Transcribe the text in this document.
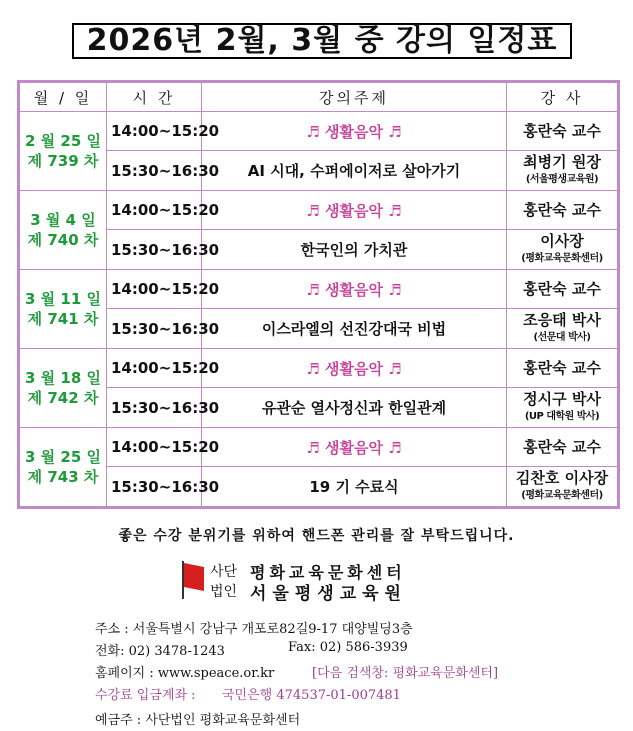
2026년 2월, 3월 중 강의 일정표
월 / 일	시 간	강의주제	강 사

2 월 25 일
제 739 차	14:00~15:20	♬ 생활음악 ♬	홍란숙 교수

	15:30~16:30	AI 시대, 수퍼에이저로 살아가기	최병기 원장
(서울평생교육원)

3 월 4 일
제 740 차	14:00~15:20	♬ 생활음악 ♬	홍란숙 교수

	15:30~16:30	한국인의 가치관	이사장
(평화교육문화센터)

3 월 11 일
제 741 차	14:00~15:20	♬ 생활음악 ♬	홍란숙 교수

	15:30~16:30	이스라엘의 선진강대국 비법	조응태 박사
(선문대 박사)

3 월 18 일
제 742 차	14:00~15:20	♬ 생활음악 ♬	홍란숙 교수

	15:30~16:30	유관순 열사정신과 한일관계	정시구 박사
(UP 대학원 박사)

3 월 25 일
제 743 차	14:00~15:20	♬ 생활음악 ♬	홍란숙 교수

	15:30~16:30	19 기 수료식	김찬호 이사장
(평화교육문화센터)
좋은 수강 분위기를 위하여 핸드폰 관리를 잘 부탁드립니다.
사단
법인
평화교육문화센터
서울평생교육원
주소 : 서울특별시 강남구 개포로82길9-17 대양빌딩3층
전화: 02) 3478-1243	Fax: 02) 586-3939
홈페이지 : www.speace.or.kr	[다음 검색창: 평화교육문화센터]
수강료 입금계좌 : 국민은행 474537-01-007481
예금주 : 사단법인 평화교육문화센터
